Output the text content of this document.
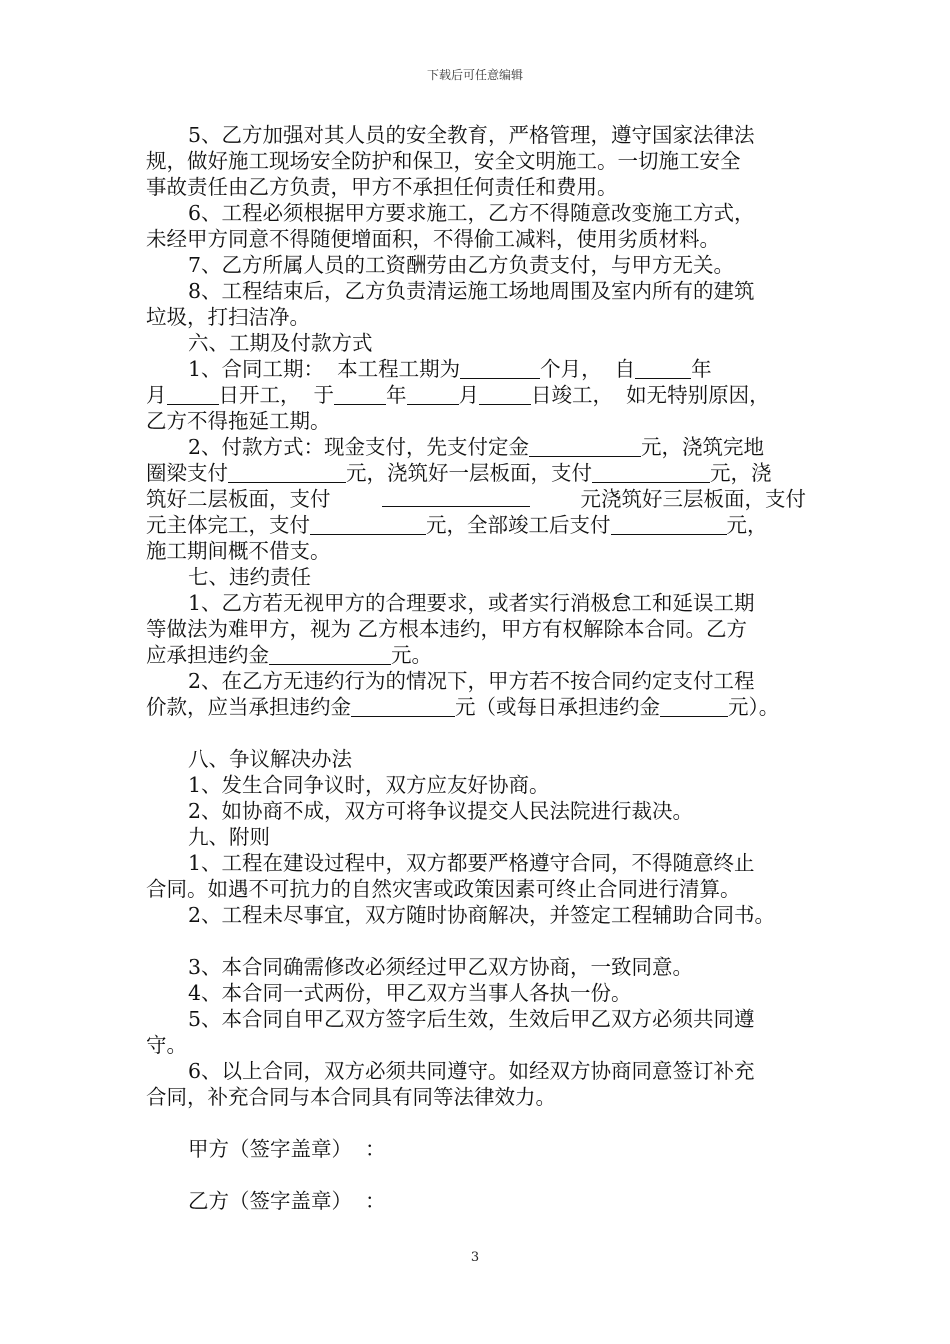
下载后可任意编辑
5、乙方加强对其人员的安全教育，严格管理，遵守国家法律法
规，做好施工现场安全防护和保卫，安全文明施工。一切施工安全
事故责任由乙方负责，甲方不承担任何责任和费用。
6、工程必须根据甲方要求施工，乙方不得随意改变施工方式，
未经甲方同意不得随便增面积，不得偷工减料，使用劣质材料。
7、乙方所属人员的工资酬劳由乙方负责支付，与甲方无关。
8、工程结束后，乙方负责清运施工场地周围及室内所有的建筑
垃圾，打扫洁净。
六、工期及付款方式
1、合同工期：  本工程工期为	个月，  自	年
月	日开工，  于	年	月	日竣工，  如无特别原因，
乙方不得拖延工期。
2、付款方式：现金支付，先支付定金	元，浇筑完地
圈梁支付	元，浇筑好一层板面，支付	元，浇
筑好二层板面，支付	元浇筑好三层板面，支付
元主体完工，支付	元，全部竣工后支付	元，
施工期间概不借支。
七、违约责任
1、乙方若无视甲方的合理要求，或者实行消极怠工和延误工期
等做法为难甲方，视为 乙方根本违约，甲方有权解除本合同。乙方
应承担违约金	元。
2、在乙方无违约行为的情况下，甲方若不按合同约定支付工程
价款，应当承担违约金	元（或每日承担违约金	元）。
八、争议解决办法
1、发生合同争议时，双方应友好协商。
2、如协商不成，双方可将争议提交人民法院进行裁决。
九、附则
1、工程在建设过程中，双方都要严格遵守合同，不得随意终止
合同。如遇不可抗力的自然灾害或政策因素可终止合同进行清算。
2、工程未尽事宜，双方随时协商解决，并签定工程辅助合同书。
3、本合同确需修改必须经过甲乙双方协商，一致同意。
4、本合同一式两份，甲乙双方当事人各执一份。
5、本合同自甲乙双方签字后生效，生效后甲乙双方必须共同遵
守。
6、以上合同，双方必须共同遵守。如经双方协商同意签订补充
合同，补充合同与本合同具有同等法律效力。
甲方（签字盖章）  ：
乙方（签字盖章）  ：
3
